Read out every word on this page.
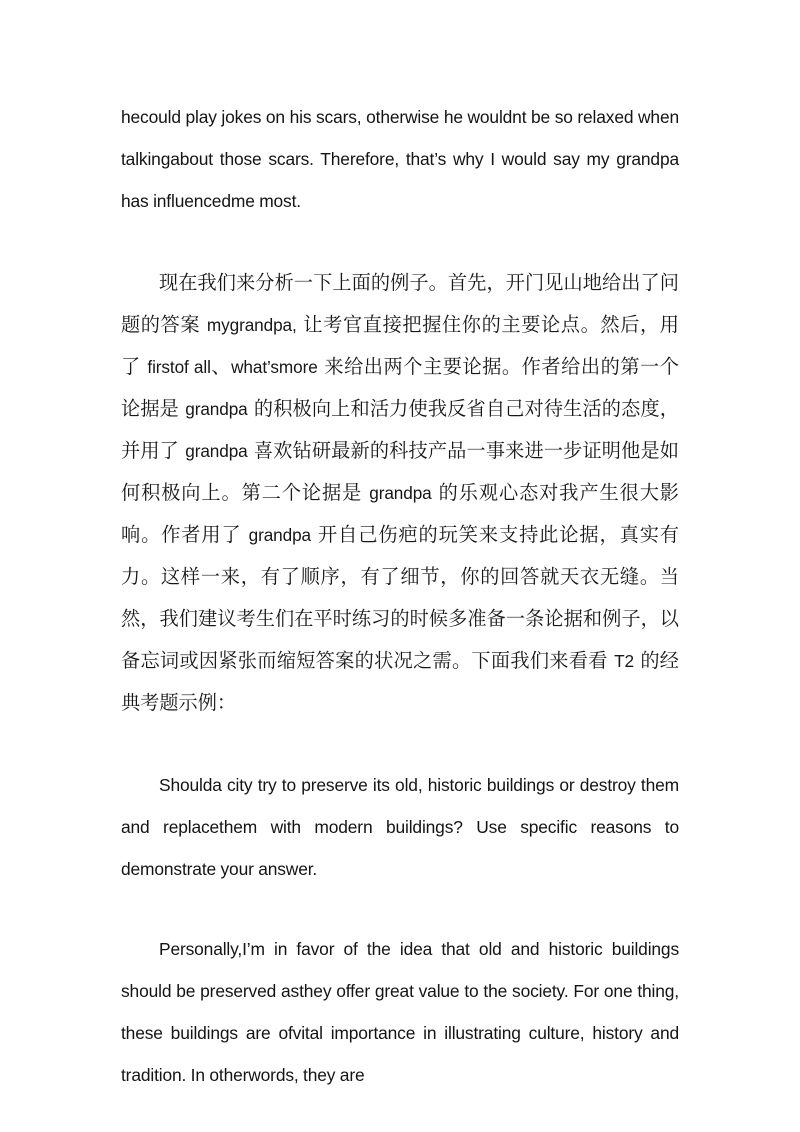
hecould play jokes on his scars, otherwise he wouldnt be so relaxed when talkingabout those scars. Therefore, that’s why I would say my grandpa has influencedme most.

现在我们来分析一下上面的例子。首先，开门见山地给出了问题的答案 mygrandpa, 让考官直接把握住你的主要论点。然后，用了 firstof all、what’smore 来给出两个主要论据。作者给出的第一个论据是 grandpa 的积极向上和活力使我反省自己对待生活的态度，并用了 grandpa 喜欢钻研最新的科技产品一事来进一步证明他是如何积极向上。第二个论据是 grandpa 的乐观心态对我产生很大影响。作者用了 grandpa 开自己伤疤的玩笑来支持此论据，真实有力。这样一来，有了顺序，有了细节，你的回答就天衣无缝。当然，我们建议考生们在平时练习的时候多准备一条论据和例子，以备忘词或因紧张而缩短答案的状况之需。下面我们来看看 T2 的经典考题示例：

Shoulda city try to preserve its old, historic buildings or destroy them and replacethem with modern buildings? Use specific reasons to demonstrate your answer.

Personally,I’m in favor of the idea that old and historic buildings should be preserved asthey offer great value to the society. For one thing, these buildings are ofvital importance in illustrating culture, history and tradition. In otherwords, they are
